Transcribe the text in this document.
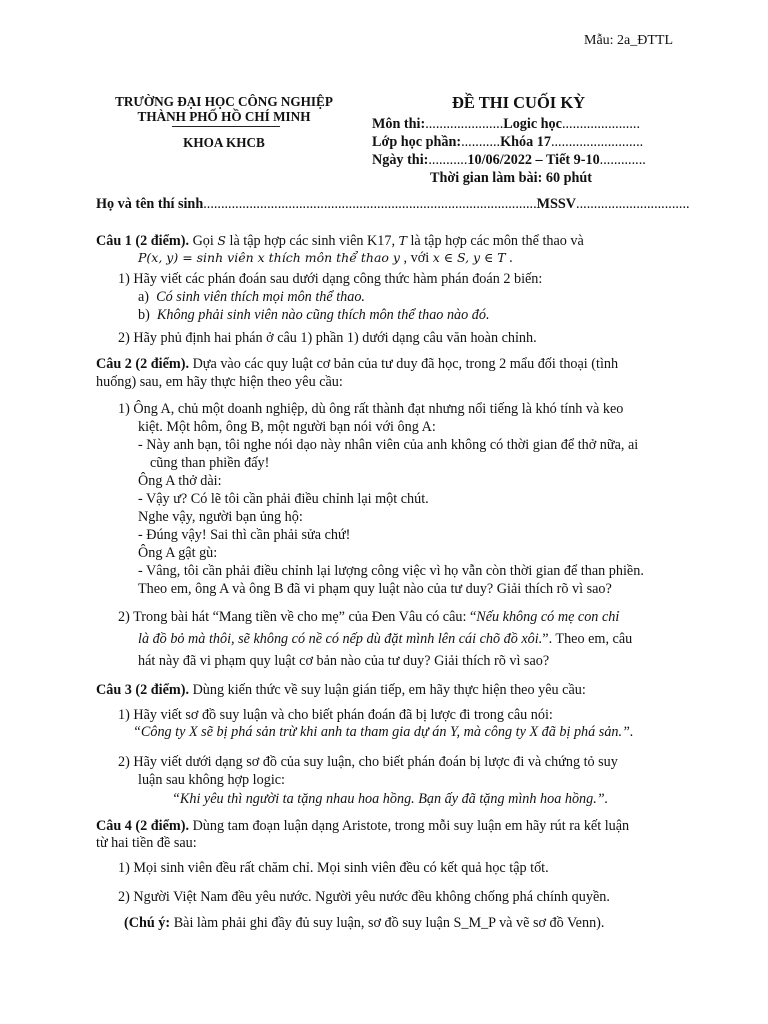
Mẫu: 2a_ĐTTL
TRƯỜNG ĐẠI HỌC CÔNG NGHIỆP
THÀNH PHỐ HỒ CHÍ MINH
KHOA KHCB
ĐỀ THI CUỐI KỲ
Môn thi:......................Logic học......................
Lớp học phần:...........Khóa 17..........................
Ngày thi:...........10/06/2022 – Tiết 9-10.............
Thời gian làm bài: 60 phút
Họ và tên thí sinh..............................................................................................MSSV................................
Câu 1 (2 điểm). Gọi S là tập hợp các sinh viên K17, T là tập hợp các môn thể thao và
P(x, y) = sinh viên x thích môn thể thao y , với x ∈ S, y ∈ T .
1) Hãy viết các phán đoán sau dưới dạng công thức hàm phán đoán 2 biến:
a) Có sinh viên thích mọi môn thể thao.
b) Không phải sinh viên nào cũng thích môn thể thao nào đó.
2) Hãy phủ định hai phán ở câu 1) phần 1) dưới dạng câu văn hoàn chỉnh.
Câu 2 (2 điểm). Dựa vào các quy luật cơ bản của tư duy đã học, trong 2 mẩu đối thoại (tình
huống) sau, em hãy thực hiện theo yêu cầu:
1) Ông A, chủ một doanh nghiệp, dù ông rất thành đạt nhưng nổi tiếng là khó tính và keo
kiệt. Một hôm, ông B, một người bạn nói với ông A:
- Này anh bạn, tôi nghe nói dạo này nhân viên của anh không có thời gian để thở nữa, ai
cũng than phiền đấy!
Ông A thở dài:
- Vậy ư? Có lẽ tôi cần phải điều chỉnh lại một chút.
Nghe vậy, người bạn ủng hộ:
- Đúng vậy! Sai thì cần phải sửa chứ!
Ông A gật gù:
- Vâng, tôi cần phải điều chỉnh lại lượng công việc vì họ vẫn còn thời gian để than phiền.
Theo em, ông A và ông B đã vi phạm quy luật nào của tư duy? Giải thích rõ vì sao?
2) Trong bài hát “Mang tiền về cho mẹ” của Đen Vâu có câu: “Nếu không có mẹ con chỉ
là đồ bỏ mà thôi, sẽ không có nề có nếp dù đặt mình lên cái chõ đồ xôi.”. Theo em, câu
hát này đã vi phạm quy luật cơ bản nào của tư duy? Giải thích rõ vì sao?
Câu 3 (2 điểm). Dùng kiến thức về suy luận gián tiếp, em hãy thực hiện theo yêu cầu:
1) Hãy viết sơ đồ suy luận và cho biết phán đoán đã bị lược đi trong câu nói:
“Công ty X sẽ bị phá sản trừ khi anh ta tham gia dự án Y, mà công ty X đã bị phá sản.”.
2) Hãy viết dưới dạng sơ đồ của suy luận, cho biết phán đoán bị lược đi và chứng tỏ suy
luận sau không hợp logic:
“Khi yêu thì người ta tặng nhau hoa hồng. Bạn ấy đã tặng mình hoa hồng.”.
Câu 4 (2 điểm). Dùng tam đoạn luận dạng Aristote, trong mỗi suy luận em hãy rút ra kết luận
từ hai tiền đề sau:
1) Mọi sinh viên đều rất chăm chỉ. Mọi sinh viên đều có kết quả học tập tốt.
2) Người Việt Nam đều yêu nước. Người yêu nước đều không chống phá chính quyền.
(Chú ý: Bài làm phải ghi đầy đủ suy luận, sơ đồ suy luận S_M_P và vẽ sơ đồ Venn).
